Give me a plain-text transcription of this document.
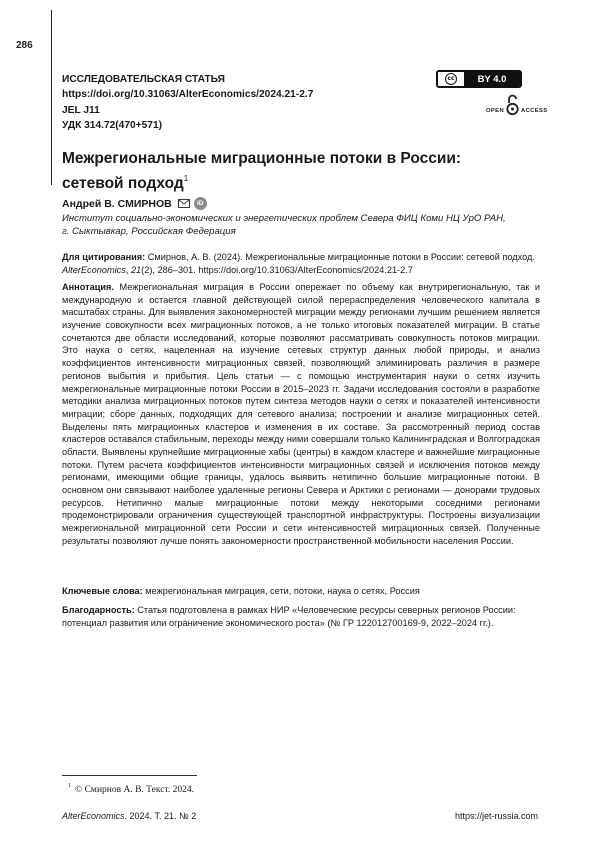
286
ИССЛЕДОВАТЕЛЬСКАЯ СТАТЬЯ
https://doi.org/10.31063/AlterEconomics/2024.21-2.7
JEL J11
УДК 314.72(470+571)
cc	BY 4.0
OPEN	ACCESS
Межрегиональные миграционные потоки в России:
сетевой подход$^1$
Андрей В. СМИРНОВ	iD
Институт социально-экономических и энергетических проблем Севера ФИЦ Коми НЦ УрО РАН,
г. Сыктывкар, Российская Федерация
Для цитирования: Смирнов, А. В. (2024). Межрегиональные миграционные потоки в России: сетевой подход. AlterEconomics, 21(2), 286–301. https://doi.org/10.31063/AlterEconomics/2024.21-2.7
Аннотация. Межрегиональная миграция в России опережает по объему как внутрирегиональную, так и международную и остается главной действующей силой перераспределения человеческого капитала в масштабах страны. Для выявления закономерностей миграции между регионами лучшим решением является изучение совокупности всех миграционных потоков, а не только итоговых показателей миграции. В статье сочетаются две области исследований, которые позволяют рассматривать совокупность потоков миграции. Это наука о сетях, нацеленная на изучение сетевых структур данных любой природы, и анализ коэффициентов интенсивности миграционных связей, позволяющий элиминировать различия в размере регионов выбытия и прибытия. Цель статьи — с помощью инструментария науки о сетях изучить межрегиональные миграционные потоки России в 2015–2023 гг. Задачи исследования состояли в разработке методики анализа миграционных потоков путем синтеза методов науки о сетях и показателей интенсивности миграции; сборе данных, подходящих для сетевого анализа; построении и анализе миграционных сетей. Выделены пять миграционных кластеров и изменения в их составе. За рассмотренный период состав кластеров оставался стабильным, переходы между ними совершали только Калининградская и Волгоградская области. Выявлены крупнейшие миграционные хабы (центры) в каждом кластере и важнейшие миграционные потоки. Путем расчета коэффициентов интенсивности миграционных связей и исключения потоков между регионами, имеющими общие границы, удалось выявить нетипично большие миграционные потоки. В основном они связывают наиболее удаленные регионы Севера и Арктики с регионами — донорами трудовых ресурсов. Нетипично малые миграционные потоки между некоторыми соседними регионами продемонстрировали ограничения существующей транспортной инфраструктуры. Построены визуализации межрегиональной миграционной сети России и сети интенсивностей миграционных связей. Полученные результаты позволяют лучше понять закономерности пространственной мобильности населения России.
Ключевые слова: межрегиональная миграция, сети, потоки, наука о сетях, Россия
Благодарность: Статья подготовлена в рамках НИР «Человеческие ресурсы северных регионов России: потенциал развития или ограничение экономического роста» (№ ГР 122012700169-9, 2022–2024 гг.).
$^1$ © Смирнов А. В. Текст. 2024.
AlterEconomics. 2024. Т. 21. № 2	https://jet-russia.com
